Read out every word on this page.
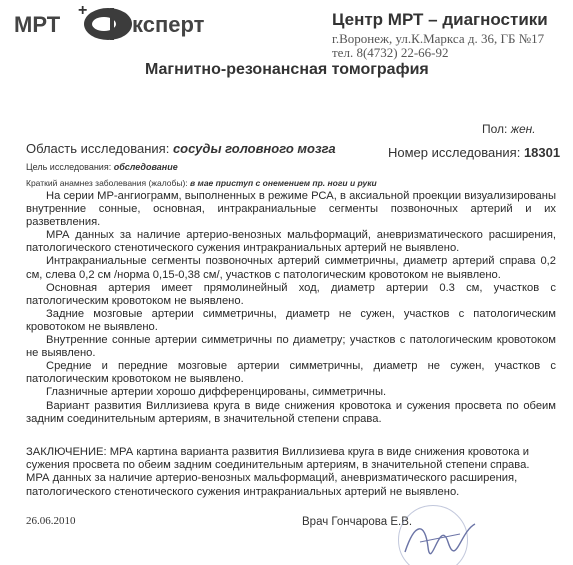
МРТ
+
ксперт	Центр МРТ – диагностики
г.Воронеж, ул.К.Маркса д. 36, ГБ №17
тел. 8(4732) 22-66-92
Магнитно-резонансная томография
Пол: жен.
Область исследования: сосуды головного мозга	Номер исследования: 18301
Цель исследования: обследование
Краткий анамнез заболевания (жалобы): в мае приступ с онемением пр. ноги и руки

На серии МР-ангиограмм, выполненных в режиме РСА, в аксиальной проекции визуализированы внутренние сонные, основная, интракраниальные сегменты позвоночных артерий и их разветвления.

МРА данных за наличие артерио-венозных мальформаций, аневризматического расширения, патологического стенотического сужения интракраниальных артерий не выявлено.

Интракраниальные сегменты позвоночных артерий симметричны, диаметр артерий справа 0,2 см, слева 0,2 см /норма 0,15-0,38 см/, участков с патологическим кровотоком не выявлено.

Основная артерия имеет прямолинейный ход, диаметр артерии 0.3 см, участков с патологическим кровотоком не выявлено.

Задние мозговые артерии симметричны, диаметр не сужен, участков с патологическим кровотоком не выявлено.

Внутренние сонные артерии симметричны по диаметру; участков с патологическим кровотоком не выявлено.

Средние и передние мозговые артерии симметричны, диаметр не сужен, участков с патологическим кровотоком не выявлено.

Глазничные артерии хорошо дифференцированы, симметричны.

Вариант развития Виллизиева круга в виде снижения кровотока и сужения просвета по обеим задним соединительным артериям, в значительной степени справа.

ЗАКЛЮЧЕНИЕ: МРА картина варианта развития Виллизиева круга в виде снижения кровотока и сужения просвета по обеим задним соединительным артериям, в значительной степени справа.

МРА данных за наличие артерио-венозных мальформаций, аневризматического расширения, патологического стенотического сужения интракраниальных артерий не выявлено.

26.06.2010	Врач Гончарова Е.В.
